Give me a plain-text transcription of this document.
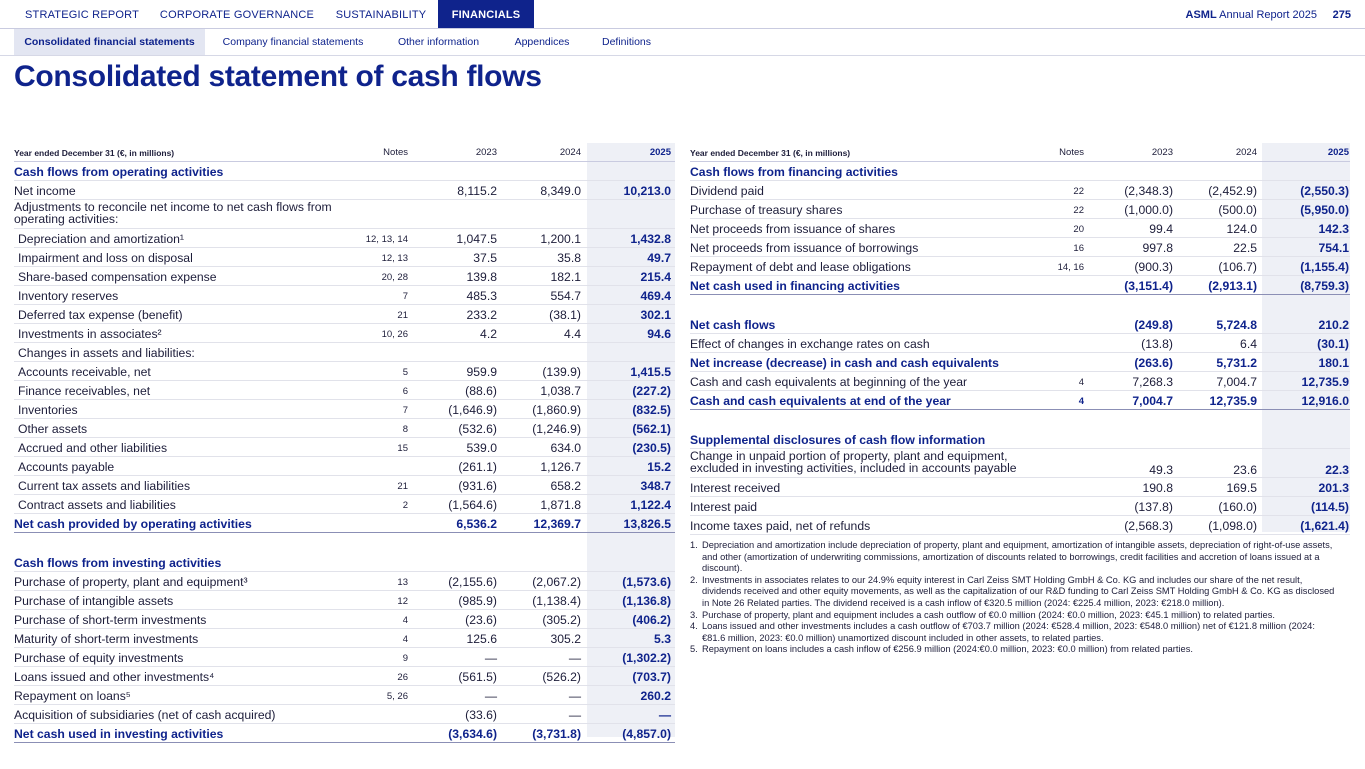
STRATEGIC REPORT	CORPORATE GOVERNANCE	SUSTAINABILITY	FINANCIALS	ASML Annual Report 2025 275
Consolidated financial statements	Company financial statements	Other information	Appendices	Definitions
Consolidated statement of cash flows
Year ended December 31 (€, in millions)	Notes	2023	2024	2025
Cash flows from operating activities
Net income	8,115.2	8,349.0	10,213.0
Adjustments to reconcile net income to net cash flows from operating activities:
Depreciation and amortization¹	12, 13, 14	1,047.5	1,200.1	1,432.8
Impairment and loss on disposal	12, 13	37.5	35.8	49.7
Share-based compensation expense	20, 28	139.8	182.1	215.4
Inventory reserves	7	485.3	554.7	469.4
Deferred tax expense (benefit)	21	233.2	(38.1)	302.1
Investments in associates²	10, 26	4.2	4.4	94.6
Changes in assets and liabilities:
Accounts receivable, net	5	959.9	(139.9)	1,415.5
Finance receivables, net	6	(88.6)	1,038.7	(227.2)
Inventories	7	(1,646.9)	(1,860.9)	(832.5)
Other assets	8	(532.6)	(1,246.9)	(562.1)
Accrued and other liabilities	15	539.0	634.0	(230.5)
Accounts payable	(261.1)	1,126.7	15.2
Current tax assets and liabilities	21	(931.6)	658.2	348.7
Contract assets and liabilities	2	(1,564.6)	1,871.8	1,122.4
Net cash provided by operating activities	6,536.2	12,369.7	13,826.5
Cash flows from investing activities
Purchase of property, plant and equipment³	13	(2,155.6)	(2,067.2)	(1,573.6)
Purchase of intangible assets	12	(985.9)	(1,138.4)	(1,136.8)
Purchase of short-term investments	4	(23.6)	(305.2)	(406.2)
Maturity of short-term investments	4	125.6	305.2	5.3
Purchase of equity investments	9	—	—	(1,302.2)
Loans issued and other investments⁴	26	(561.5)	(526.2)	(703.7)
Repayment on loans⁵	5, 26	—	—	260.2
Acquisition of subsidiaries (net of cash acquired)	(33.6)	—	—
Net cash used in investing activities	(3,634.6)	(3,731.8)	(4,857.0)
Year ended December 31 (€, in millions)	Notes	2023	2024	2025
Cash flows from financing activities
Dividend paid	22	(2,348.3)	(2,452.9)	(2,550.3)
Purchase of treasury shares	22	(1,000.0)	(500.0)	(5,950.0)
Net proceeds from issuance of shares	20	99.4	124.0	142.3
Net proceeds from issuance of borrowings	16	997.8	22.5	754.1
Repayment of debt and lease obligations	14, 16	(900.3)	(106.7)	(1,155.4)
Net cash used in financing activities	(3,151.4)	(2,913.1)	(8,759.3)
Net cash flows	(249.8)	5,724.8	210.2
Effect of changes in exchange rates on cash	(13.8)	6.4	(30.1)
Net increase (decrease) in cash and cash equivalents	(263.6)	5,731.2	180.1
Cash and cash equivalents at beginning of the year	4	7,268.3	7,004.7	12,735.9
Cash and cash equivalents at end of the year	4	7,004.7	12,735.9	12,916.0
Supplemental disclosures of cash flow information
Change in unpaid portion of property, plant and equipment, excluded in investing activities, included in accounts payable	49.3	23.6	22.3
Interest received	190.8	169.5	201.3
Interest paid	(137.8)	(160.0)	(114.5)
Income taxes paid, net of refunds	(2,568.3)	(1,098.0)	(1,621.4)
1. Depreciation and amortization include depreciation of property, plant and equipment, amortization of intangible assets, depreciation of right-of-use assets, and other (amortization of underwriting commissions, amortization of discounts related to borrowings, credit facilities and accretion of loans issued at a discount).
2. Investments in associates relates to our 24.9% equity interest in Carl Zeiss SMT Holding GmbH & Co. KG and includes our share of the net result, dividends received and other equity movements, as well as the capitalization of our R&D funding to Carl Zeiss SMT Holding GmbH & Co. KG as disclosed in Note 26 Related parties. The dividend received is a cash inflow of €320.5 million (2024: €225.4 million, 2023: €218.0 million).
3. Purchase of property, plant and equipment includes a cash outflow of €0.0 million (2024: €0.0 million, 2023: €45.1 million) to related parties.
4. Loans issued and other investments includes a cash outflow of €703.7 million (2024: €528.4 million, 2023: €548.0 million) net of €121.8 million (2024: €81.6 million, 2023: €0.0 million) unamortized discount included in other assets, to related parties.
5. Repayment on loans includes a cash inflow of €256.9 million (2024:€0.0 million, 2023: €0.0 million) from related parties.
